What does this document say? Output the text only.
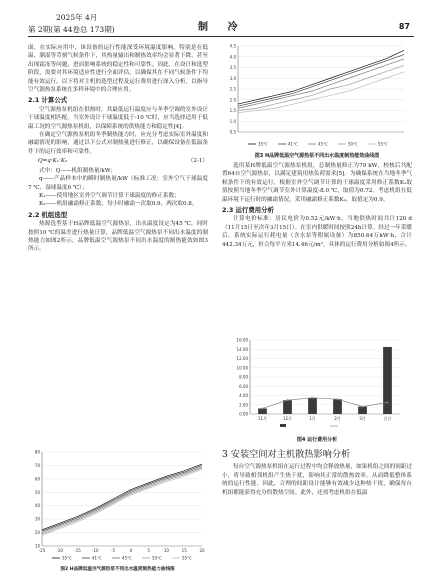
2025年 4月
第 2期(第 44卷总 173期)	制 冷	87

面，在实际应用中，该设备的运行性能深受环境温度影响。特别是在低温、潮湿等苛刻气候条件下，其热量输出和制热效率均会显著下降，甚至出现霜冻等问题，进而影响系统的稳定性和可靠性。因此，在设计和选型阶段，需要对其环境适应性进行全面评估，以确保其在不同气候条件下均能有效运行。以下将对主机的选型过程及运行费用进行深入分析，以指导空气源热泵系统在多样环境中的合理应用。

2.1 计算公式

空气源热泵机组在供热时，其最低运行温度应与冬季空调的室外设计干球温度相匹配。当室外设计干球温度低于-10 ℃时，应当选择适用于低温工况的空气源热泵机组，以保障系统的供热能力和稳定性[4]。

在确定空气源热泵机组冬季制热能力时，应充分考虑实际室外温度和融霜情况的影响，通过以下公式对制热量进行修正，以确保设备在低温条件下的运行效率和可靠性。

Q=q·K₁·K₂	（2-1）

式中：Q——机组制热量/kW；

q——产品样本中的瞬时制热量/kW（标准工况：室外空气干球温度7 ℃、湿球温度6 ℃）；

K₁——使用地区室外空气调节计算干球温度的修正系数；

K₂——机组融霜修正系数，每小时融霜一次取0.9，两次取0.8。

2.2 机组选型

热源选型基于H品牌低温空气源热泵，出水温度设定为45 ℃，同时按照10 ℃的温差进行热量计算，品牌低温空气源热泵不同出水温度的制热能力如图2所示，品牌低温空气源热泵不同出水温度的制热能效如图3所示。

80
70
60
50
40
30
20
10
-25	-20	-15	-10	-5	0	5	10	15	20
35℃	41℃	45℃	50℃	55℃
图2 H品牌低温空气源热泵不同出水温度制热能力曲线图
4.5
4.0
3.5
3.0
2.5
2.0
1.5
1.0
0.5
35℃	41℃	45℃	50℃	55℃
图3 H品牌低温空气源热泵不同出水温度制热能效曲线图

选用某H牌低温空气源热泵机组，总制热量修正为79 kW，校核后共配置64台空气源热泵，以满足建筑用热负荷需求[5]。为确保系统在当地冬季气候条件下的有效运行，根据室外空气调节计算的干球温度采用修正系数K₁取值按照当地冬季空气调节室外计算温度-8.0 ℃，取值为0.72。考虑机组在低温环境下运行时的融霜情况，采用融霜修正系数K₂，取值定为0.9。

2.3 运行费用分析

计算电价标准：居民电价为0.52元/kW·h，当地供热时间共计120 d（11月15日至次年3月15日）。在室内供暖时间按照24h计算。经过一年采暖后，系统实际运行耗电量（含水泵等附属设备）为850.64万kW·h，合计442.34万元，折合每平方米14.46元/m²，具体的运行费用分析如图4所示。

16.00
14.00
12.00
10.00
8.00
6.00
4.00
2.00
0.00
11月	12月	1月	2月	3月	合计
图4 运行费用分析
3 安装空间对主机散热影响分析

每台空气源热泵机组在运行过程中均会释放热量，如果机组之间的间距过小，将导致相邻机组产生热干扰，影响其正常的散热效率，从而降低整体系统的运行性能。因此，合理的间距设计能够有效减少这种热干扰，确保每台机组都能获得充分的散热空间。此外，还需考虑机组在低温
